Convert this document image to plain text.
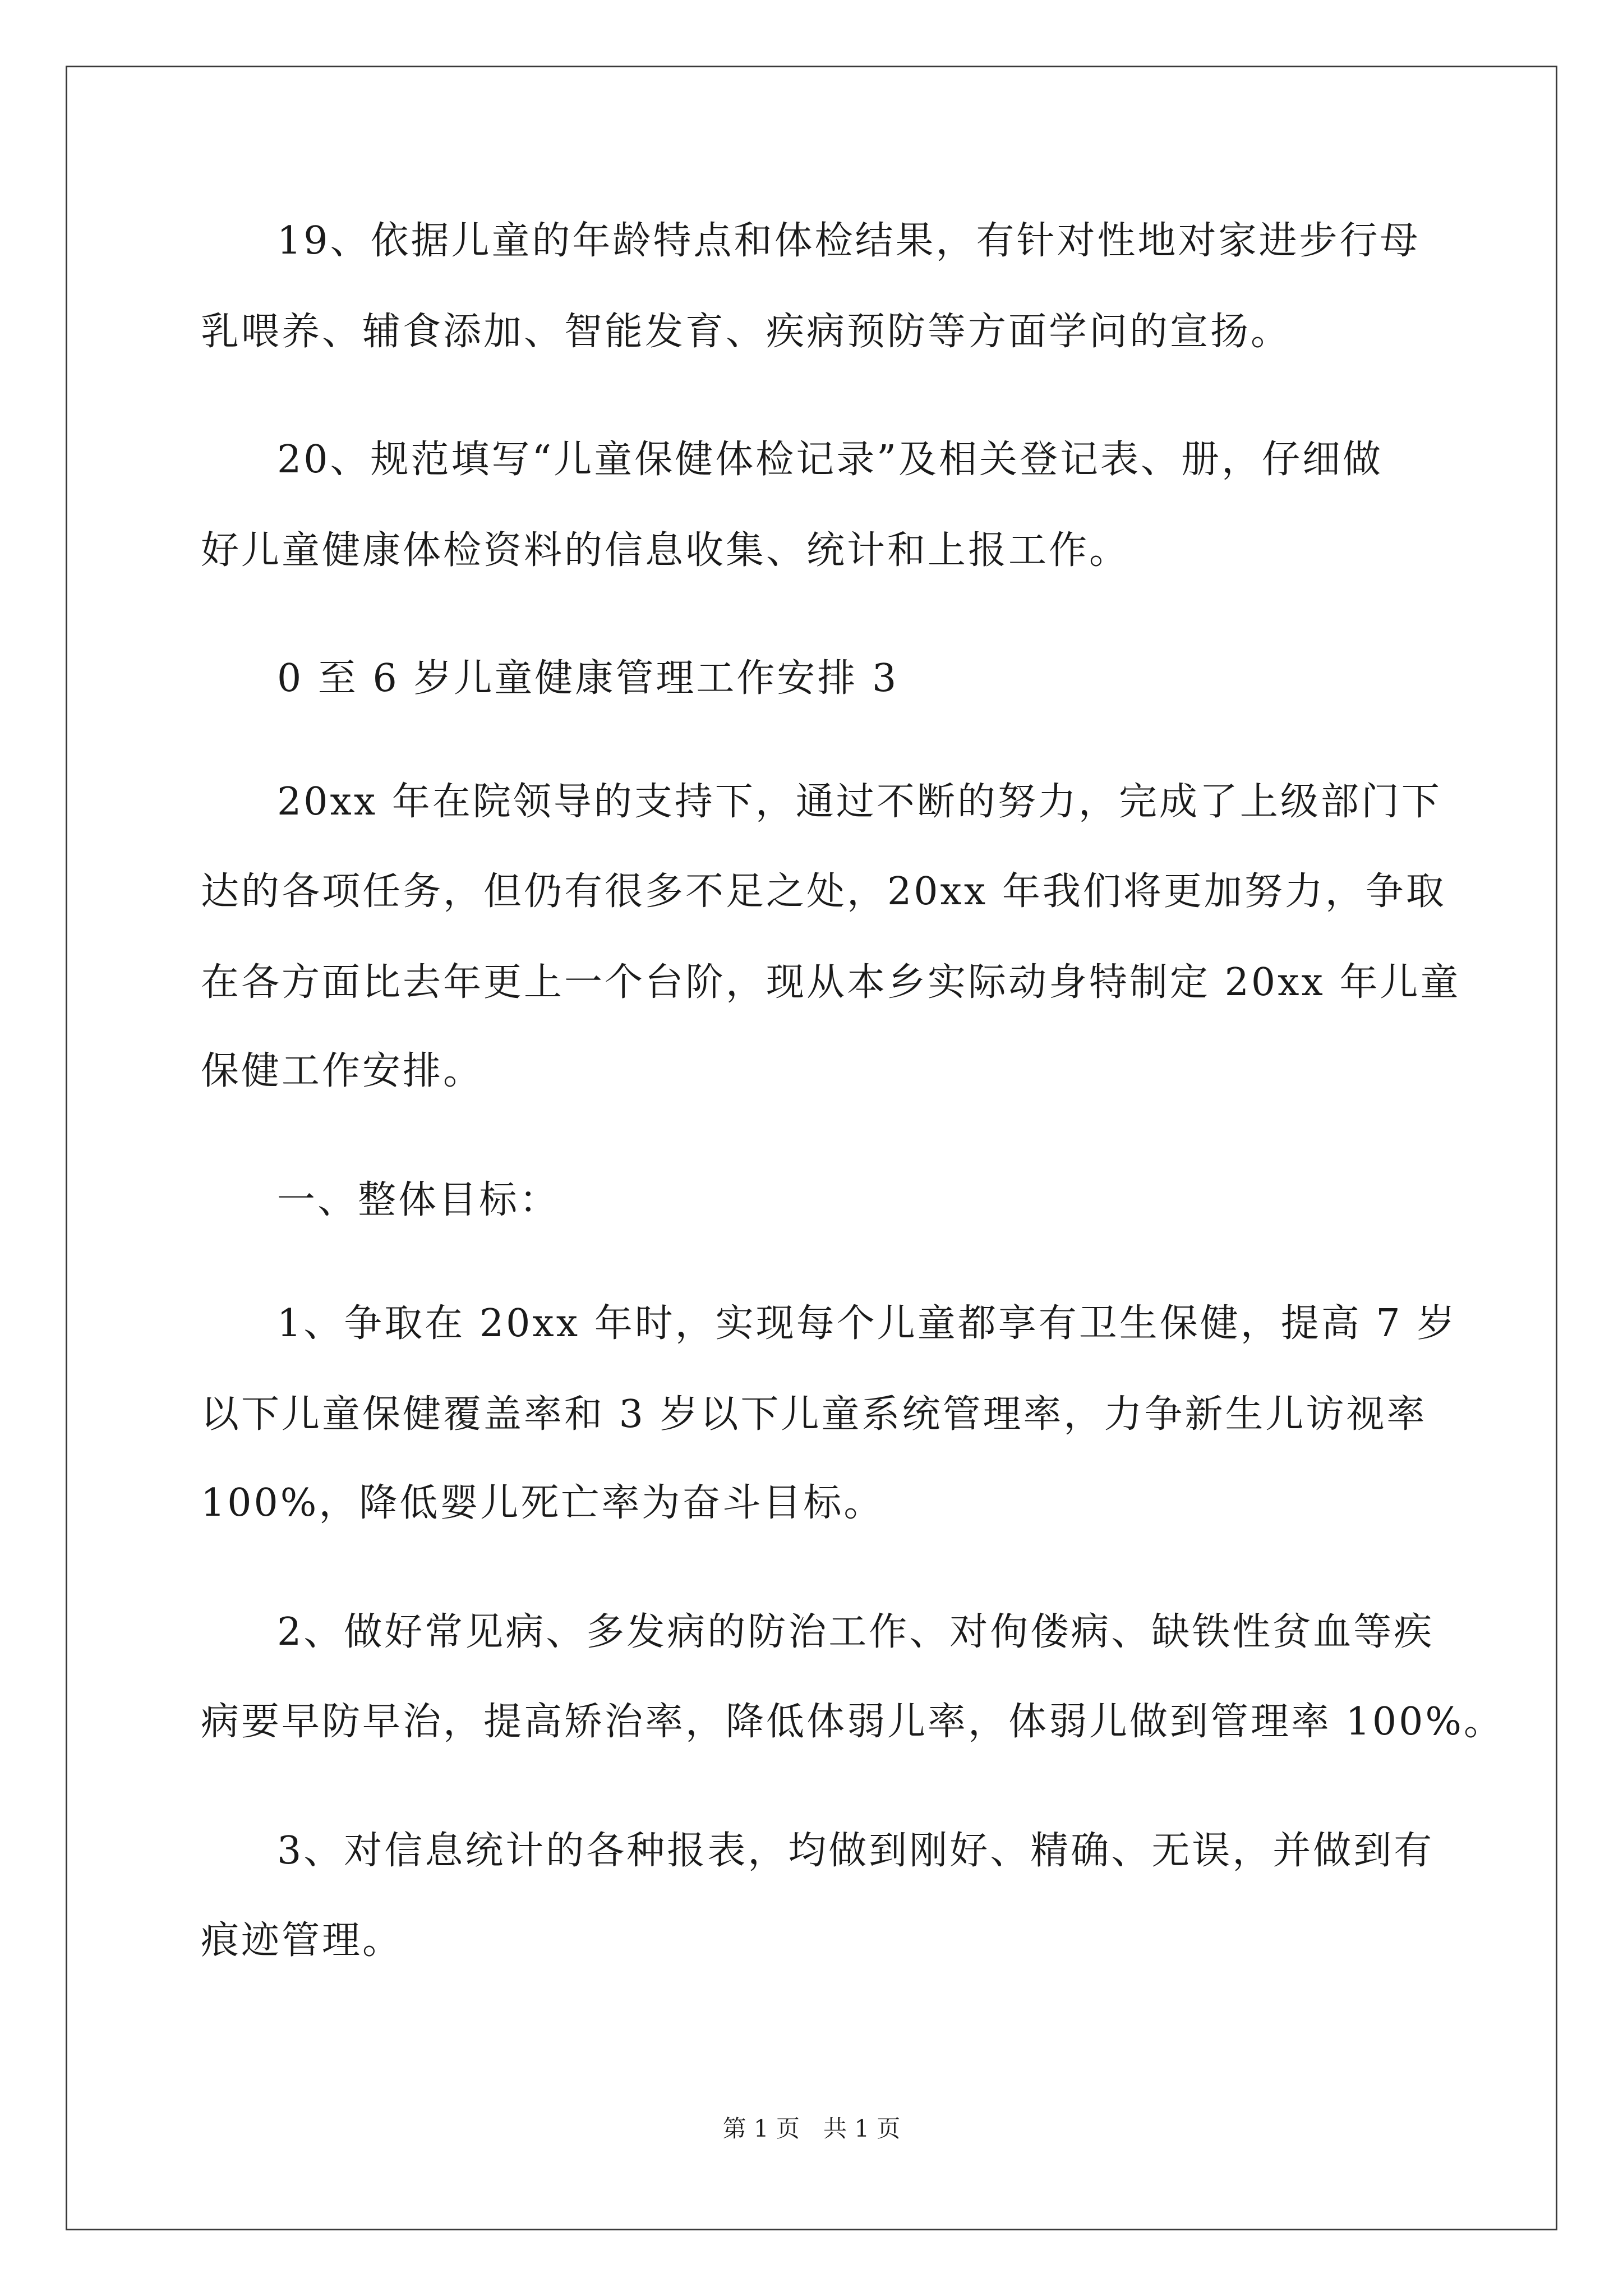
19、依据儿童的年龄特点和体检结果，有针对性地对家进步行母
乳喂养、辅食添加、智能发育、疾病预防等方面学问的宣扬。
20、规范填写“儿童保健体检记录”及相关登记表、册，仔细做
好儿童健康体检资料的信息收集、统计和上报工作。
0 至 6 岁儿童健康管理工作安排 3
20xx 年在院领导的支持下，通过不断的努力，完成了上级部门下
达的各项任务，但仍有很多不足之处，20xx 年我们将更加努力，争取
在各方面比去年更上一个台阶，现从本乡实际动身特制定 20xx 年儿童
保健工作安排。
一、整体目标：
1、争取在 20xx 年时，实现每个儿童都享有卫生保健，提高 7 岁
以下儿童保健覆盖率和 3 岁以下儿童系统管理率，力争新生儿访视率
100%，降低婴儿死亡率为奋斗目标。
2、做好常见病、多发病的防治工作、对佝偻病、缺铁性贫血等疾
病要早防早治，提高矫治率，降低体弱儿率，体弱儿做到管理率 100%。
3、对信息统计的各种报表，均做到刚好、精确、无误，并做到有
痕迹管理。
第 1 页　共 1 页
